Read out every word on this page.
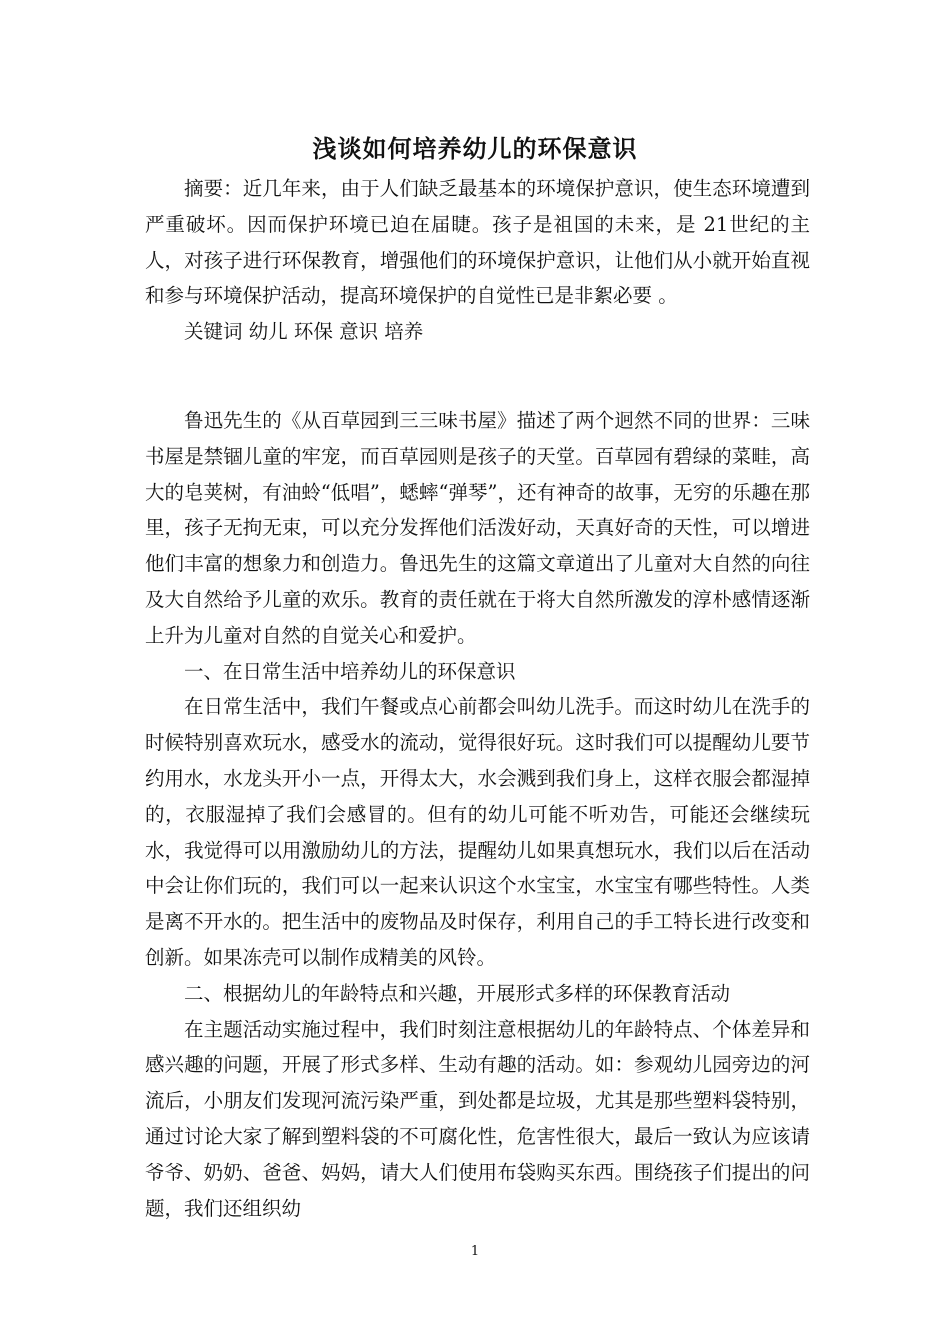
浅谈如何培养幼儿的环保意识

摘要：近几年来，由于人们缺乏最基本的环境保护意识，使生态环境遭到严重破坏。因而保护环境已迫在届睫。孩子是祖国的未来，是 21世纪的主人，对孩子进行环保教育，增强他们的环境保护意识，让他们从小就开始直视和参与环境保护活动，提高环境保护的自觉性已是非絮必要 。

关键词 幼儿 环保 意识 培养

鲁迅先生的《从百草园到三三味书屋》描述了两个迥然不同的世界：三味书屋是禁锢儿童的牢宠，而百草园则是孩子的天堂。百草园有碧绿的菜畦，高大的皂荚树，有油蛉“低唱”，蟋蟀“弹琴”，还有神奇的故事，无穷的乐趣在那里，孩子无拘无束，可以充分发挥他们活泼好动，天真好奇的天性，可以增进他们丰富的想象力和创造力。鲁迅先生的这篇文章道出了儿童对大自然的向往及大自然给予儿童的欢乐。教育的责任就在于将大自然所激发的淳朴感情逐渐上升为儿童对自然的自觉关心和爱护。

一、在日常生活中培养幼儿的环保意识

在日常生活中，我们午餐或点心前都会叫幼儿洗手。而这时幼儿在洗手的时候特别喜欢玩水，感受水的流动，觉得很好玩。这时我们可以提醒幼儿要节约用水，水龙头开小一点，开得太大，水会溅到我们身上，这样衣服会都湿掉的，衣服湿掉了我们会感冒的。但有的幼儿可能不听劝告，可能还会继续玩水，我觉得可以用激励幼儿的方法，提醒幼儿如果真想玩水，我们以后在活动中会让你们玩的，我们可以一起来认识这个水宝宝，水宝宝有哪些特性。人类是离不开水的。把生活中的废物品及时保存，利用自己的手工特长进行改变和创新。如果冻壳可以制作成精美的风铃。

二、根据幼儿的年龄特点和兴趣，开展形式多样的环保教育活动

在主题活动实施过程中，我们时刻注意根据幼儿的年龄特点、个体差异和感兴趣的问题，开展了形式多样、生动有趣的活动。如：参观幼儿园旁边的河流后，小朋友们发现河流污染严重，到处都是垃圾，尤其是那些塑料袋特别，通过讨论大家了解到塑料袋的不可腐化性，危害性很大，最后一致认为应该请爷爷、奶奶、爸爸、妈妈，请大人们使用布袋购买东西。围绕孩子们提出的问题，我们还组织幼

1
